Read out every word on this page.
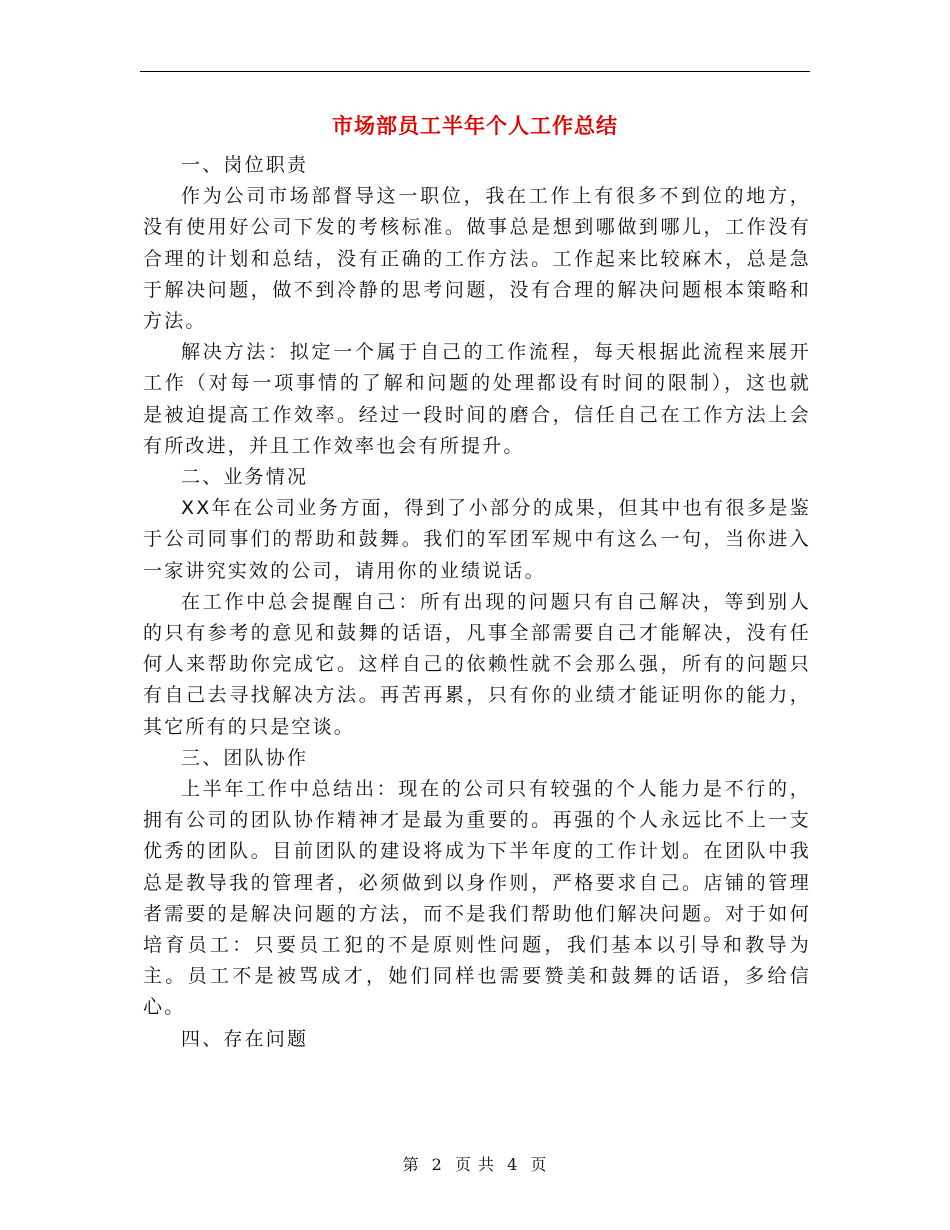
市场部员工半年个人工作总结

一、岗位职责

作为公司市场部督导这一职位，我在工作上有很多不到位的地方，没有使用好公司下发的考核标准。做事总是想到哪做到哪儿，工作没有合理的计划和总结，没有正确的工作方法。工作起来比较麻木，总是急于解决问题，做不到冷静的思考问题，没有合理的解决问题根本策略和方法。

解决方法：拟定一个属于自己的工作流程，每天根据此流程来展开工作（对每一项事情的了解和问题的处理都设有时间的限制），这也就是被迫提高工作效率。经过一段时间的磨合，信任自己在工作方法上会有所改进，并且工作效率也会有所提升。

二、业务情况

XX年在公司业务方面，得到了小部分的成果，但其中也有很多是鉴于公司同事们的帮助和鼓舞。我们的军团军规中有这么一句，当你进入一家讲究实效的公司，请用你的业绩说话。

在工作中总会提醒自己：所有出现的问题只有自己解决，等到别人的只有参考的意见和鼓舞的话语，凡事全部需要自己才能解决，没有任何人来帮助你完成它。这样自己的依赖性就不会那么强，所有的问题只有自己去寻找解决方法。再苦再累，只有你的业绩才能证明你的能力，其它所有的只是空谈。

三、团队协作

上半年工作中总结出：现在的公司只有较强的个人能力是不行的，拥有公司的团队协作精神才是最为重要的。再强的个人永远比不上一支优秀的团队。目前团队的建设将成为下半年度的工作计划。在团队中我总是教导我的管理者，必须做到以身作则，严格要求自己。店铺的管理者需要的是解决问题的方法，而不是我们帮助他们解决问题。对于如何培育员工：只要员工犯的不是原则性问题，我们基本以引导和教导为主。员工不是被骂成才，她们同样也需要赞美和鼓舞的话语，多给信心。

四、存在问题

第 2 页 共 4 页
